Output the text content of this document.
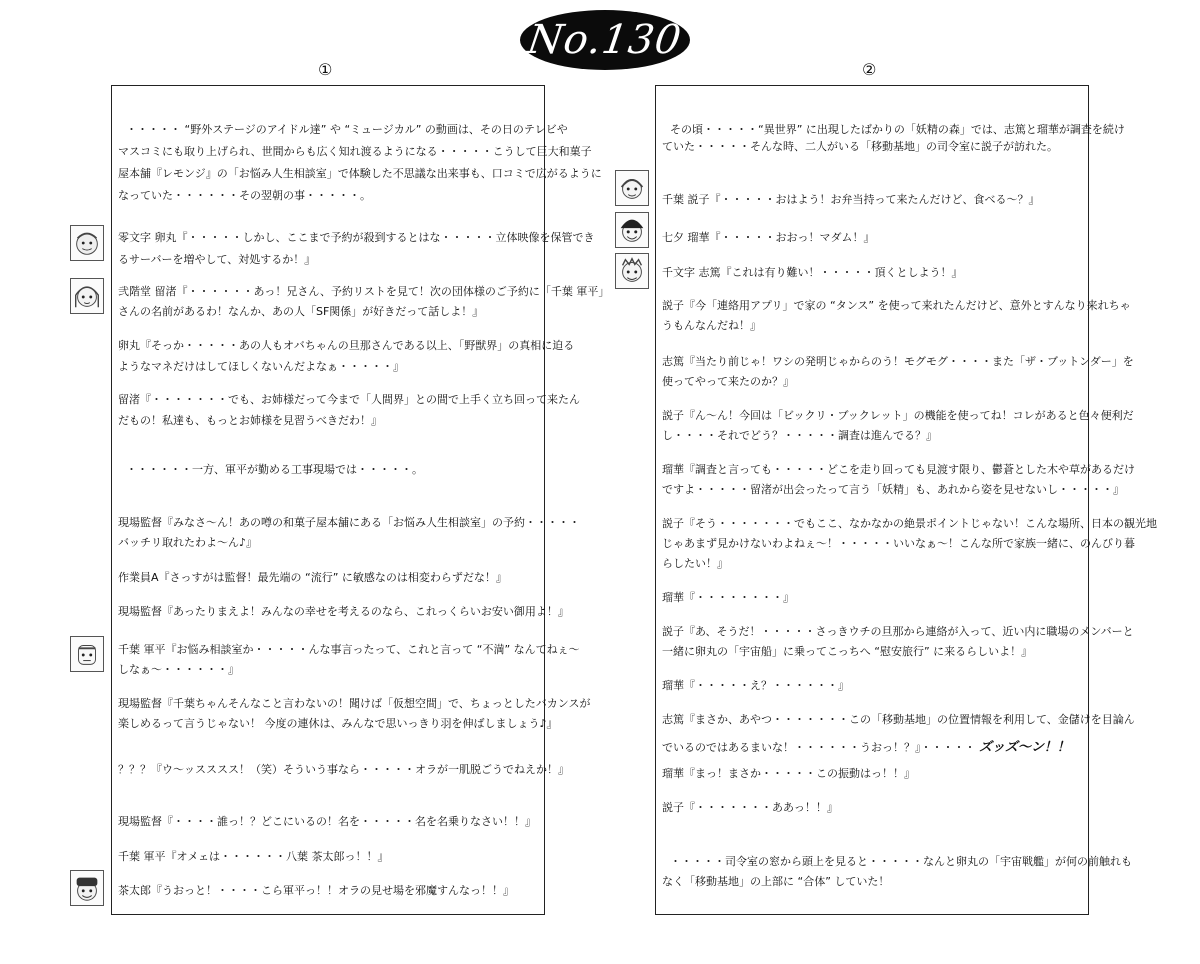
No.130
①	②
・・・・・ “野外ステージのアイドル達” や “ミュージカル” の動画は、その日のテレビや
マスコミにも取り上げられ、世間からも広く知れ渡るようになる・・・・・こうして巨大和菓子
屋本舗『レモンジ』の「お悩み人生相談室」で体験した不思議な出来事も、口コミで広がるように
なっていた・・・・・・その翌朝の事・・・・・。
零文字 卵丸『・・・・・しかし、ここまで予約が殺到するとはな・・・・・立体映像を保管でき
るサーバーを増やして、対処するか！』
弐階堂 留渚『・・・・・・あっ！兄さん、予約リストを見て！次の団体様のご予約に「千葉 軍平」
さんの名前があるわ！なんか、あの人「SF関係」が好きだって話しよ！』
卵丸『そっか・・・・・あの人もオバちゃんの旦那さんである以上、「野獣界」の真相に迫る
ようなマネだけはしてほしくないんだよなぁ・・・・・』
留渚『・・・・・・・でも、お姉様だって今まで「人間界」との間で上手く立ち回って来たん
だもの！私達も、もっとお姉様を見習うべきだわ！』
・・・・・・一方、軍平が勤める工事現場では・・・・・。
現場監督『みなさ～ん！あの噂の和菓子屋本舗にある「お悩み人生相談室」の予約・・・・・
バッチリ取れたわよ～ん♪』
作業員A『さっすがは監督！最先端の “流行” に敏感なのは相変わらずだな！』
現場監督『あったりまえよ！みんなの幸せを考えるのなら、これっくらいお安い御用よ！』
千葉 軍平『お悩み相談室か・・・・・んな事言ったって、これと言って “不満” なんてねぇ～
しなぁ～・・・・・・』
現場監督『千葉ちゃんそんなこと言わないの！聞けば「仮想空間」で、ちょっとしたバカンスが
楽しめるって言うじゃない！ 今度の連休は、みんなで思いっきり羽を伸ばしましょう♪』
？？？『ウ～ッスススス！（笑）そういう事なら・・・・・オラが一肌脱ごうでねえか！』
現場監督『・・・・誰っ！？どこにいるの！名を・・・・・名を名乗りなさい！！』
千葉 軍平『オメェは・・・・・・八葉 茶太郎っ！！』
茶太郎『うおっと！・・・・こら軍平っ！！オラの見せ場を邪魔すんなっ！！』
その頃・・・・・“異世界” に出現したばかりの「妖精の森」では、志篤と瑠華が調査を続け
ていた・・・・・そんな時、二人がいる「移動基地」の司令室に説子が訪れた。
千葉 説子『・・・・・おはよう！お弁当持って来たんだけど、食べる～？』
七夕 瑠華『・・・・・おおっ！マダム！』
千文字 志篤『これは有り難い！・・・・・頂くとしよう！』
説子『今「連絡用アプリ」で家の “タンス” を使って来れたんだけど、意外とすんなり来れちゃ
うもんなんだね！』
志篤『当たり前じゃ！ワシの発明じゃからのう！モグモグ・・・・また「ザ・ブットンダー」を
使ってやって来たのか？』
説子『ん～ん！今回は「ビックリ・ブックレット」の機能を使ってね！コレがあると色々便利だ
し・・・・それでどう？・・・・・調査は進んでる？』
瑠華『調査と言っても・・・・・どこを走り回っても見渡す限り、鬱蒼とした木や草があるだけ
ですよ・・・・・留渚が出会ったって言う「妖精」も、あれから姿を見せないし・・・・・』
説子『そう・・・・・・・でもここ、なかなかの絶景ポイントじゃない！こんな場所、日本の観光地
じゃあまず見かけないわよねぇ～！・・・・・いいなぁ～！こんな所で家族一緒に、のんびり暮
らしたい！』
瑠華『・・・・・・・・』
説子『あ、そうだ！・・・・・さっきウチの旦那から連絡が入って、近い内に職場のメンバーと
一緒に卵丸の「宇宙船」に乗ってこっちへ “慰安旅行” に来るらしいよ！』
瑠華『・・・・・え？・・・・・・』
志篤『まさか、あやつ・・・・・・・この「移動基地」の位置情報を利用して、金儲けを目論ん
でいるのではあるまいな！・・・・・・うおっ！？』・・・・・ ズッズ～ン！！
瑠華『まっ！まさか・・・・・この振動はっ！！』
説子『・・・・・・・ああっ！！』
・・・・・司令室の窓から頭上を見ると・・・・・なんと卵丸の「宇宙戦艦」が何の前触れも
なく「移動基地」の上部に “合体” していた！
